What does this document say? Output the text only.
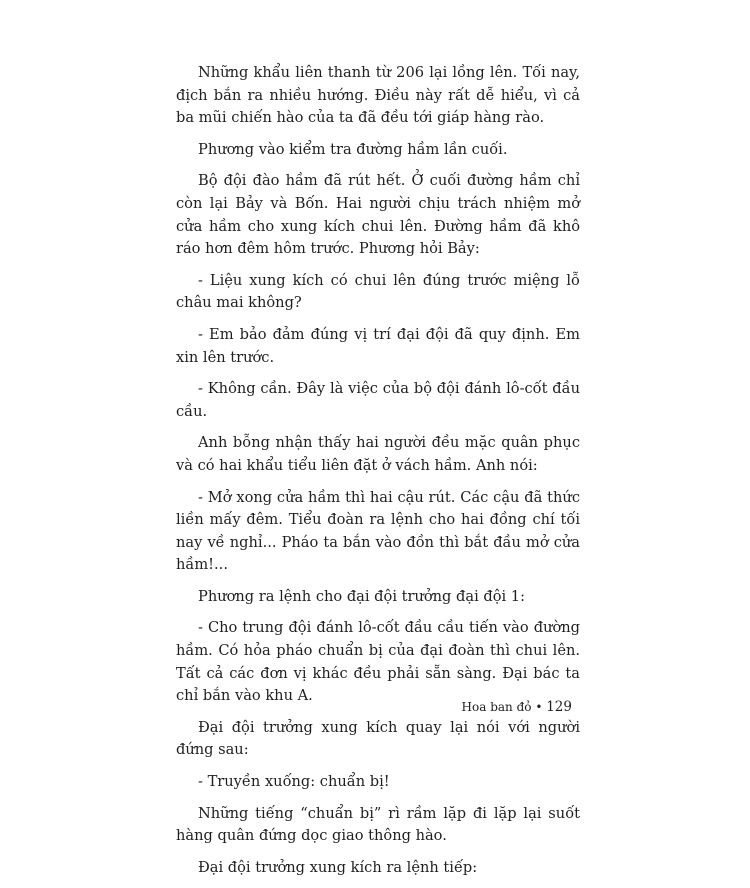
Những khẩu liên thanh từ 206 lại lồng lên. Tối nay, địch bắn ra nhiều hướng. Điều này rất dễ hiểu, vì cả ba mũi chiến hào của ta đã đều tới giáp hàng rào.

Phương vào kiểm tra đường hầm lần cuối.

Bộ đội đào hầm đã rút hết. Ở cuối đường hầm chỉ còn lại Bảy và Bốn. Hai người chịu trách nhiệm mở cửa hầm cho xung kích chui lên. Đường hầm đã khô ráo hơn đêm hôm trước. Phương hỏi Bảy:

- Liệu xung kích có chui lên đúng trước miệng lỗ châu mai không?

- Em bảo đảm đúng vị trí đại đội đã quy định. Em xin lên trước.

- Không cần. Đây là việc của bộ đội đánh lô-cốt đầu cầu.

Anh bỗng nhận thấy hai người đều mặc quân phục và có hai khẩu tiểu liên đặt ở vách hầm. Anh nói:

- Mở xong cửa hầm thì hai cậu rút. Các cậu đã thức liền mấy đêm. Tiểu đoàn ra lệnh cho hai đồng chí tối nay về nghỉ... Pháo ta bắn vào đồn thì bắt đầu mở cửa hầm!...

Phương ra lệnh cho đại đội trưởng đại đội 1:

- Cho trung đội đánh lô-cốt đầu cầu tiến vào đường hầm. Có hỏa pháo chuẩn bị của đại đoàn thì chui lên. Tất cả các đơn vị khác đều phải sẵn sàng. Đại bác ta chỉ bắn vào khu A.

Đại đội trưởng xung kích quay lại nói với người đứng sau:

- Truyền xuống: chuẩn bị!

Những tiếng “chuẩn bị” rì rầm lặp đi lặp lại suốt hàng quân đứng dọc giao thông hào.

Đại đội trưởng xung kích ra lệnh tiếp:

Hoa ban đỏ • 129
